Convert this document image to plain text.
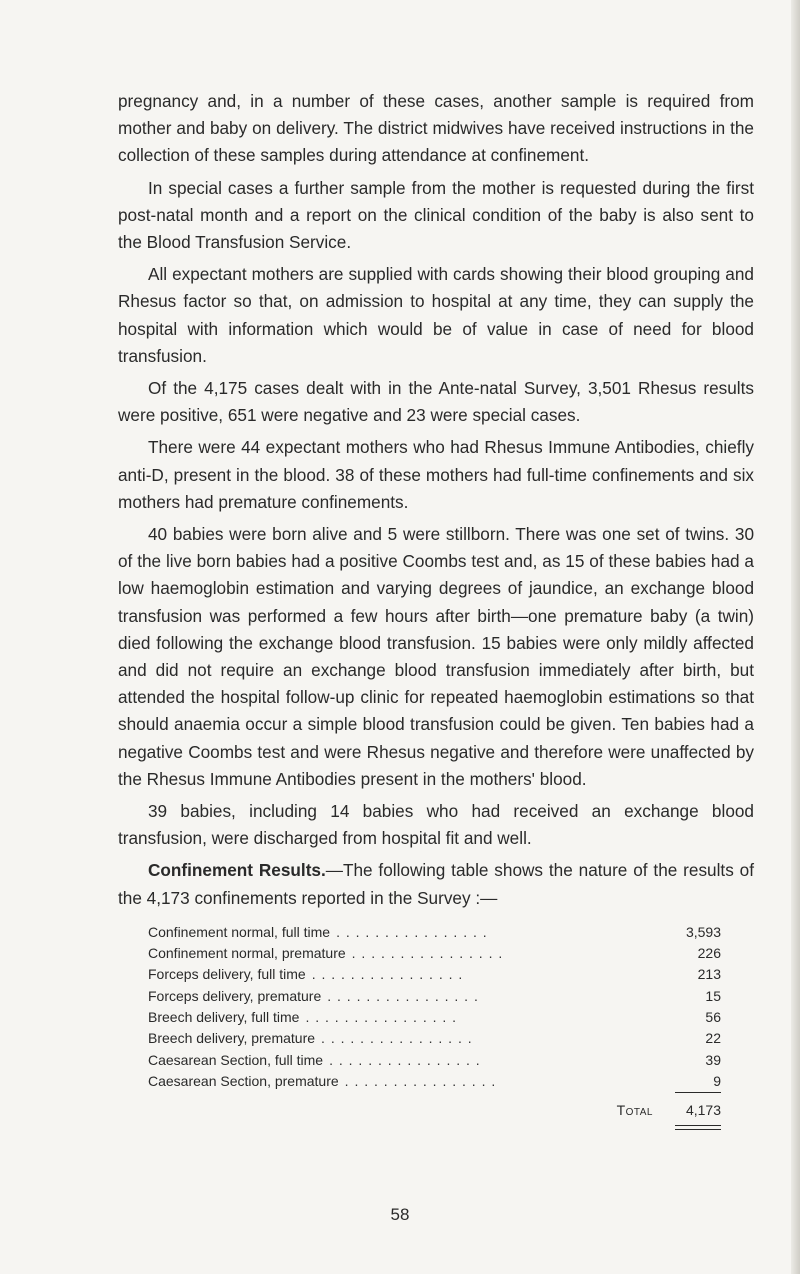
pregnancy and, in a number of these cases, another sample is required from mother and baby on delivery. The district midwives have received instructions in the collection of these samples during attendance at confinement.

In special cases a further sample from the mother is requested during the first post-natal month and a report on the clinical condition of the baby is also sent to the Blood Transfusion Service.

All expectant mothers are supplied with cards showing their blood grouping and Rhesus factor so that, on admission to hospital at any time, they can supply the hospital with information which would be of value in case of need for blood transfusion.

Of the 4,175 cases dealt with in the Ante-natal Survey, 3,501 Rhesus results were positive, 651 were negative and 23 were special cases.

There were 44 expectant mothers who had Rhesus Immune Antibodies, chiefly anti-D, present in the blood. 38 of these mothers had full-time confinements and six mothers had premature confinements.

40 babies were born alive and 5 were stillborn. There was one set of twins. 30 of the live born babies had a positive Coombs test and, as 15 of these babies had a low haemoglobin estimation and varying degrees of jaundice, an exchange blood transfusion was performed a few hours after birth—one premature baby (a twin) died following the exchange blood transfusion. 15 babies were only mildly affected and did not require an exchange blood transfusion immediately after birth, but attended the hospital follow-up clinic for repeated haemoglobin estimations so that should anaemia occur a simple blood transfusion could be given. Ten babies had a negative Coombs test and were Rhesus negative and therefore were unaffected by the Rhesus Immune Antibodies present in the mothers' blood.

39 babies, including 14 babies who had received an exchange blood transfusion, were discharged from hospital fit and well.

Confinement Results.—The following table shows the nature of the results of the 4,173 confinements reported in the Survey :—

Confinement normal, full time . . . . . . . . . . . . . . . .	3,593
Confinement normal, premature . . . . . . . . . . . . . . . .	226
Forceps delivery, full time . . . . . . . . . . . . . . . .	213
Forceps delivery, premature . . . . . . . . . . . . . . . .	15
Breech delivery, full time . . . . . . . . . . . . . . . .	56
Breech delivery, premature . . . . . . . . . . . . . . . .	22
Caesarean Section, full time . . . . . . . . . . . . . . . .	39
Caesarean Section, premature . . . . . . . . . . . . . . . .	9
Total	4,173
58
